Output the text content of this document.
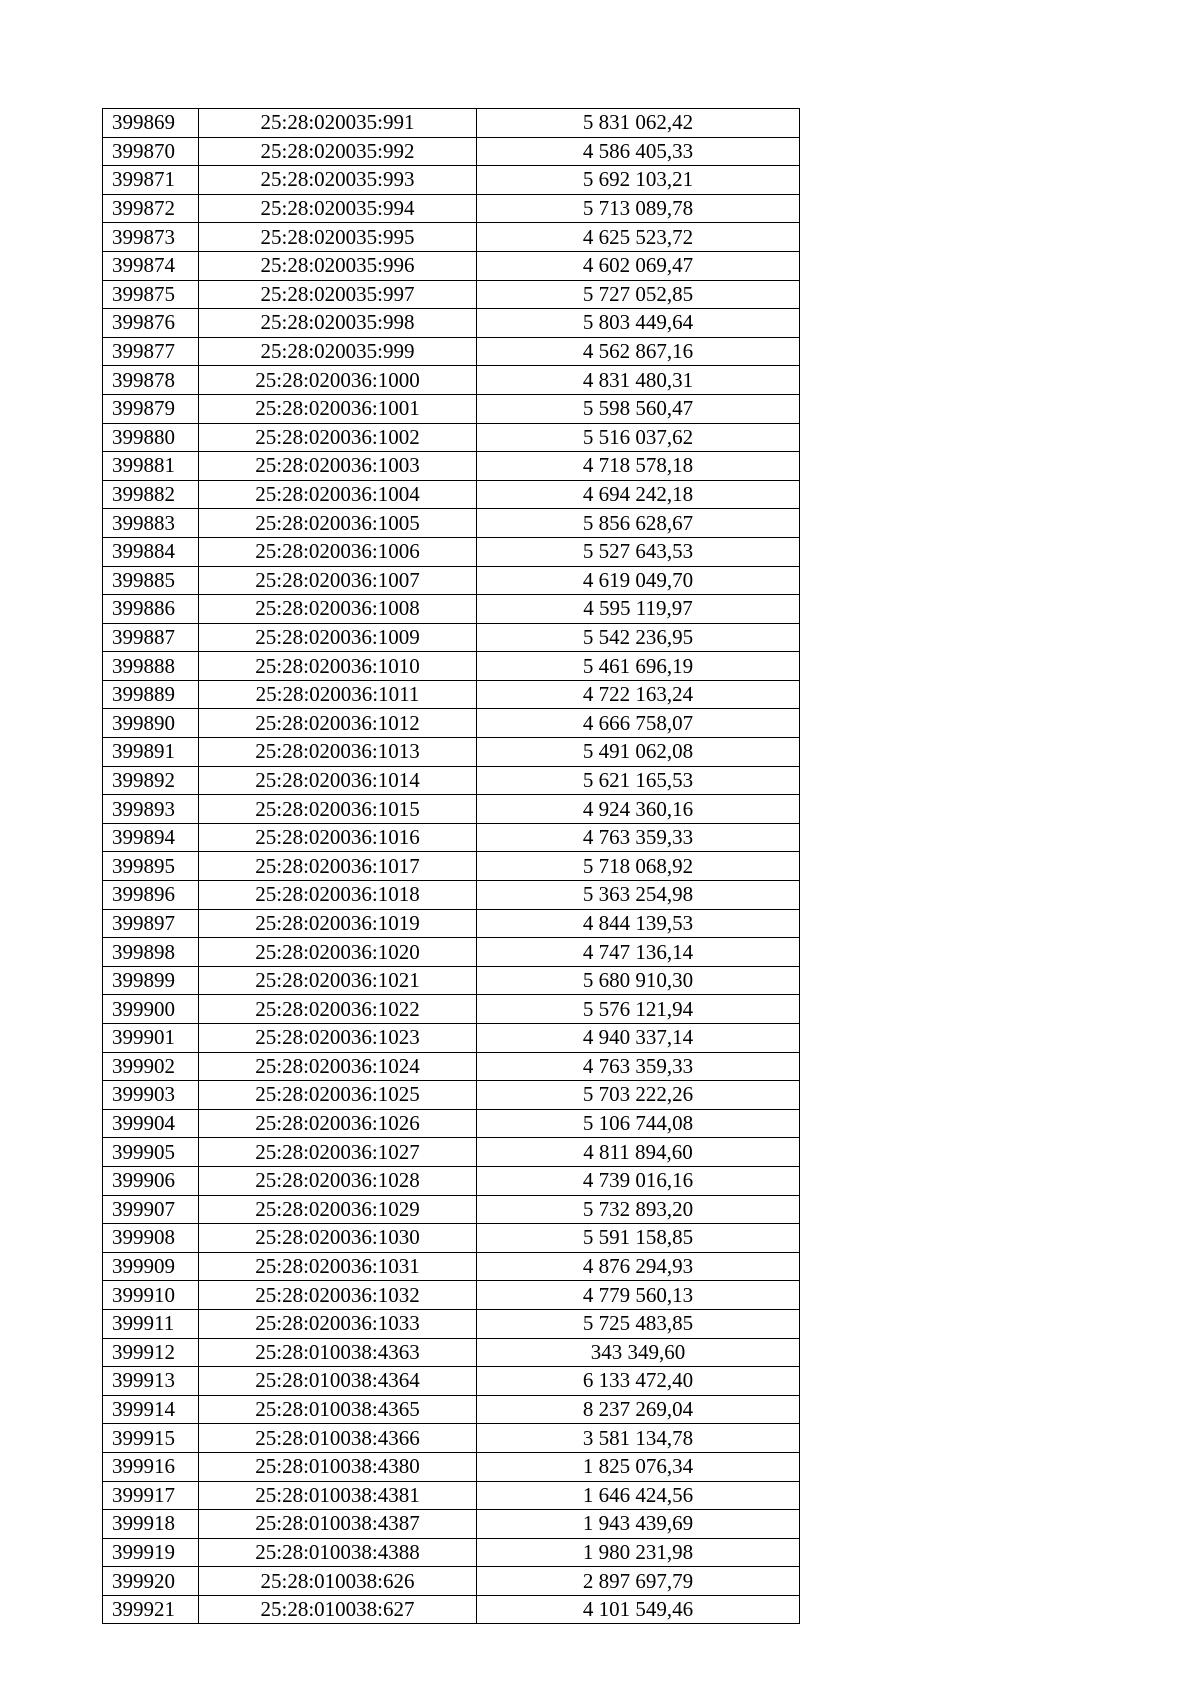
399869	25:28:020035:991	5 831 062,42
399870	25:28:020035:992	4 586 405,33
399871	25:28:020035:993	5 692 103,21
399872	25:28:020035:994	5 713 089,78
399873	25:28:020035:995	4 625 523,72
399874	25:28:020035:996	4 602 069,47
399875	25:28:020035:997	5 727 052,85
399876	25:28:020035:998	5 803 449,64
399877	25:28:020035:999	4 562 867,16
399878	25:28:020036:1000	4 831 480,31
399879	25:28:020036:1001	5 598 560,47
399880	25:28:020036:1002	5 516 037,62
399881	25:28:020036:1003	4 718 578,18
399882	25:28:020036:1004	4 694 242,18
399883	25:28:020036:1005	5 856 628,67
399884	25:28:020036:1006	5 527 643,53
399885	25:28:020036:1007	4 619 049,70
399886	25:28:020036:1008	4 595 119,97
399887	25:28:020036:1009	5 542 236,95
399888	25:28:020036:1010	5 461 696,19
399889	25:28:020036:1011	4 722 163,24
399890	25:28:020036:1012	4 666 758,07
399891	25:28:020036:1013	5 491 062,08
399892	25:28:020036:1014	5 621 165,53
399893	25:28:020036:1015	4 924 360,16
399894	25:28:020036:1016	4 763 359,33
399895	25:28:020036:1017	5 718 068,92
399896	25:28:020036:1018	5 363 254,98
399897	25:28:020036:1019	4 844 139,53
399898	25:28:020036:1020	4 747 136,14
399899	25:28:020036:1021	5 680 910,30
399900	25:28:020036:1022	5 576 121,94
399901	25:28:020036:1023	4 940 337,14
399902	25:28:020036:1024	4 763 359,33
399903	25:28:020036:1025	5 703 222,26
399904	25:28:020036:1026	5 106 744,08
399905	25:28:020036:1027	4 811 894,60
399906	25:28:020036:1028	4 739 016,16
399907	25:28:020036:1029	5 732 893,20
399908	25:28:020036:1030	5 591 158,85
399909	25:28:020036:1031	4 876 294,93
399910	25:28:020036:1032	4 779 560,13
399911	25:28:020036:1033	5 725 483,85
399912	25:28:010038:4363	343 349,60
399913	25:28:010038:4364	6 133 472,40
399914	25:28:010038:4365	8 237 269,04
399915	25:28:010038:4366	3 581 134,78
399916	25:28:010038:4380	1 825 076,34
399917	25:28:010038:4381	1 646 424,56
399918	25:28:010038:4387	1 943 439,69
399919	25:28:010038:4388	1 980 231,98
399920	25:28:010038:626	2 897 697,79
399921	25:28:010038:627	4 101 549,46
